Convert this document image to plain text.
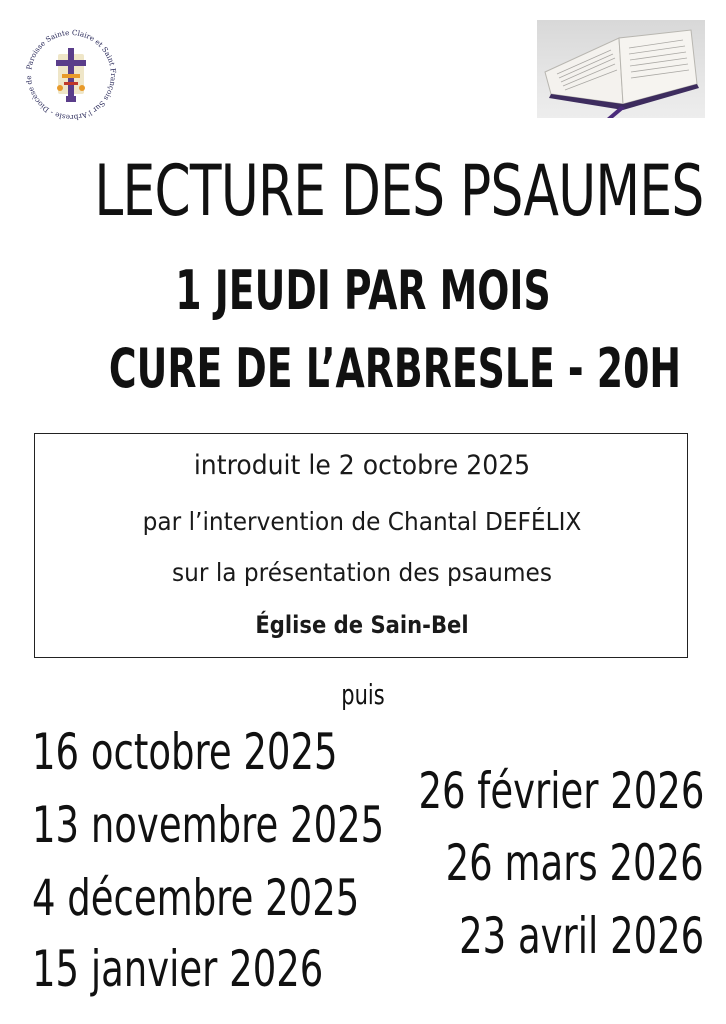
Paroisse Sainte Claire et Saint François Sur l'Arbresle - Diocèse de
LECTURE DES PSAUMES
1 JEUDI PAR MOIS
CURE DE L’ARBRESLE - 20H
introduit le 2 octobre 2025
par l’intervention de Chantal DEFÉLIX
sur la présentation des psaumes
Église de Sain-Bel
puis
16 octobre 2025
13 novembre 2025
4 décembre 2025
15 janvier 2026
26 février 2026
26 mars 2026
23 avril 2026
